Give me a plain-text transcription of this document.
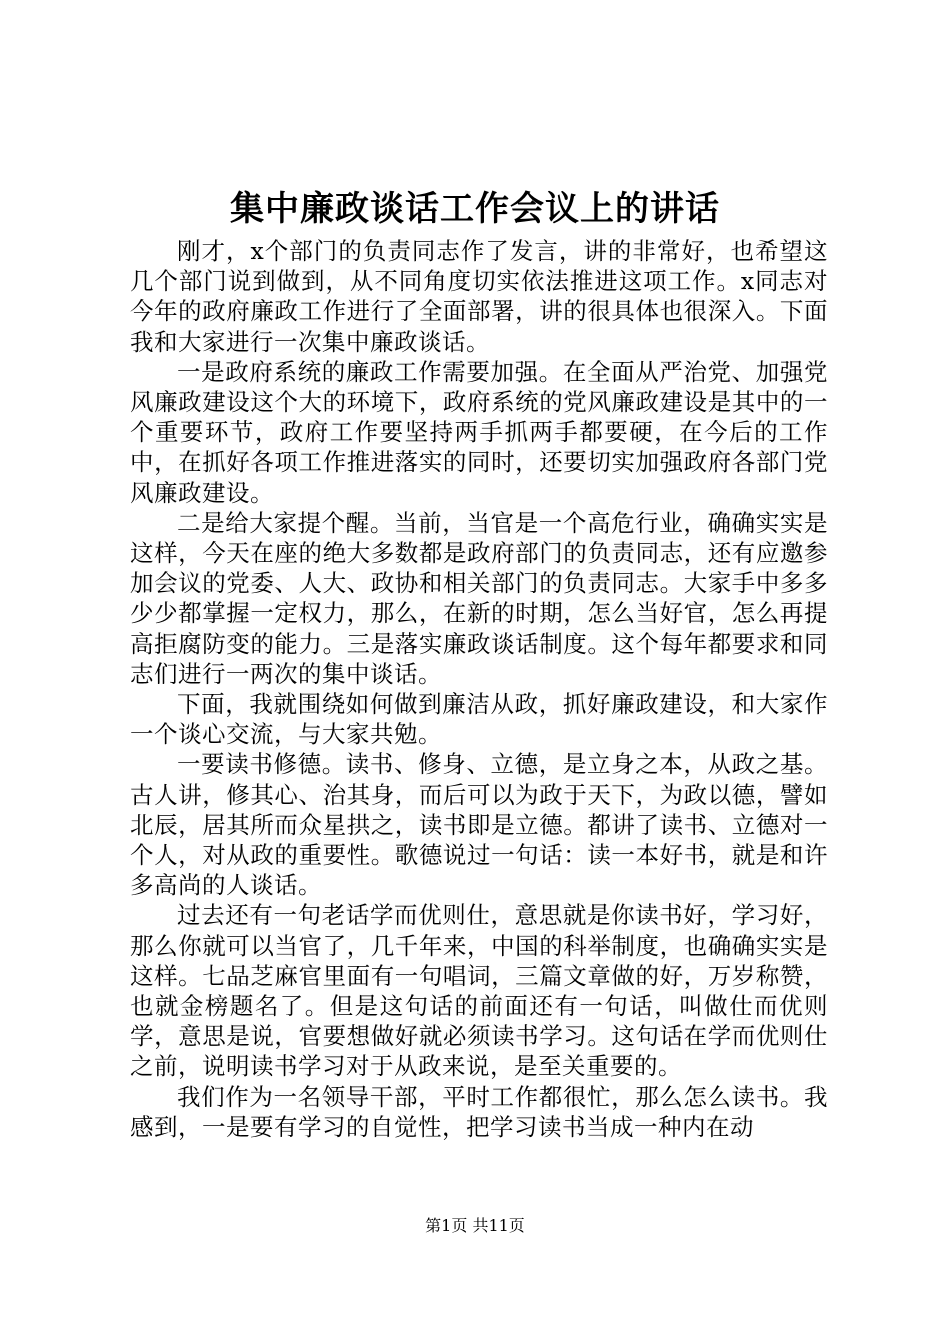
集中廉政谈话工作会议上的讲话

刚才，x个部门的负责同志作了发言，讲的非常好，也希望这几个部门说到做到，从不同角度切实依法推进这项工作。x同志对今年的政府廉政工作进行了全面部署，讲的很具体也很深入。下面我和大家进行一次集中廉政谈话。

一是政府系统的廉政工作需要加强。在全面从严治党、加强党风廉政建设这个大的环境下，政府系统的党风廉政建设是其中的一个重要环节，政府工作要坚持两手抓两手都要硬，在今后的工作中，在抓好各项工作推进落实的同时，还要切实加强政府各部门党风廉政建设。

二是给大家提个醒。当前，当官是一个高危行业，确确实实是这样，今天在座的绝大多数都是政府部门的负责同志，还有应邀参加会议的党委、人大、政协和相关部门的负责同志。大家手中多多少少都掌握一定权力，那么，在新的时期，怎么当好官，怎么再提高拒腐防变的能力。三是落实廉政谈话制度。这个每年都要求和同志们进行一两次的集中谈话。

下面，我就围绕如何做到廉洁从政，抓好廉政建设，和大家作一个谈心交流，与大家共勉。

一要读书修德。读书、修身、立德，是立身之本，从政之基。古人讲，修其心、治其身，而后可以为政于天下，为政以德，譬如北辰，居其所而众星拱之，读书即是立德。都讲了读书、立德对一个人，对从政的重要性。歌德说过一句话：读一本好书，就是和许多高尚的人谈话。

过去还有一句老话学而优则仕，意思就是你读书好，学习好，那么你就可以当官了，几千年来，中国的科举制度，也确确实实是这样。七品芝麻官里面有一句唱词，三篇文章做的好，万岁称赞，也就金榜题名了。但是这句话的前面还有一句话，叫做仕而优则学，意思是说，官要想做好就必须读书学习。这句话在学而优则仕之前，说明读书学习对于从政来说，是至关重要的。

我们作为一名领导干部，平时工作都很忙，那么怎么读书。我感到，一是要有学习的自觉性，把学习读书当成一种内在动

第1页 共11页
